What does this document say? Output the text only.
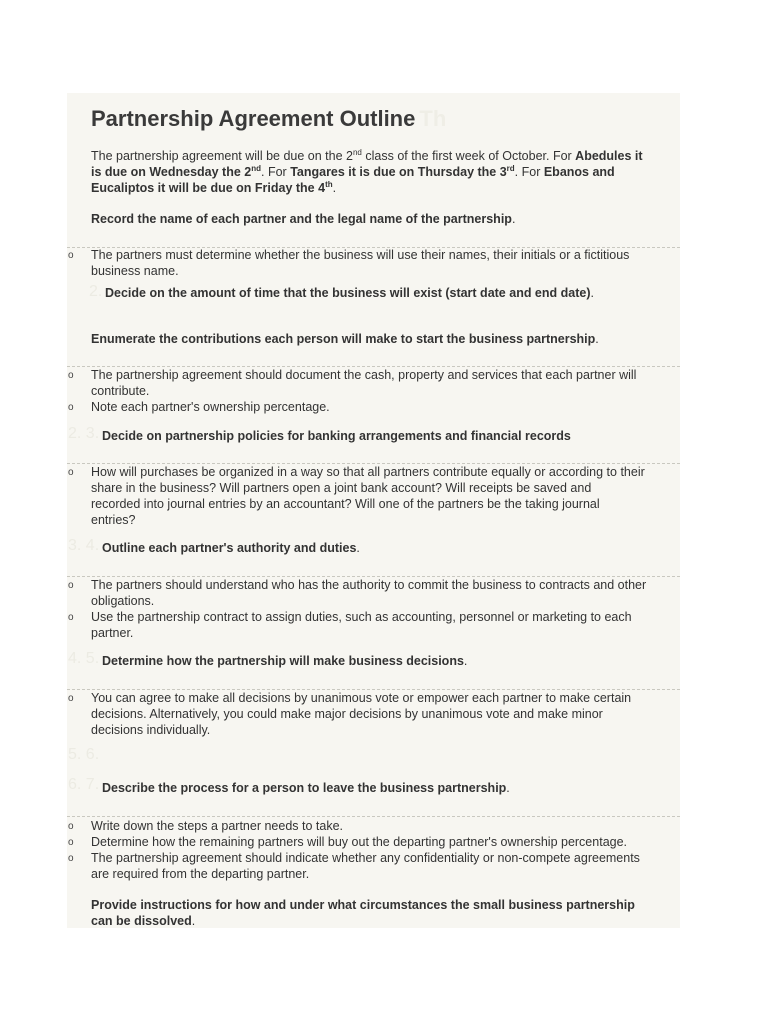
Partnership Agreement Outline Th
The partnership agreement will be due on the 2nd class of the first week of October. For Abedules it
is due on Wednesday the 2nd. For Tangares it is due on Thursday the 3rd. For Ebanos and
Eucaliptos it will be due on Friday the 4th.
Record the name of each partner and the legal name of the partnership.
o The partners must determine whether the business will use their names, their initials or a fictitious
business name.
2. Decide on the amount of time that the business will exist (start date and end date).
Enumerate the contributions each person will make to start the business partnership.
o The partnership agreement should document the cash, property and services that each partner will
contribute.
o Note each partner's ownership percentage.
2. 3. Decide on partnership policies for banking arrangements and financial records
o How will purchases be organized in a way so that all partners contribute equally or according to their
share in the business? Will partners open a joint bank account? Will receipts be saved and
recorded into journal entries by an accountant? Will one of the partners be the taking journal
entries?
3. 4. Outline each partner's authority and duties.
o The partners should understand who has the authority to commit the business to contracts and other
obligations.
o Use the partnership contract to assign duties, such as accounting, personnel or marketing to each
partner.
4. 5. Determine how the partnership will make business decisions.
o You can agree to make all decisions by unanimous vote or empower each partner to make certain
decisions. Alternatively, you could make major decisions by unanimous vote and make minor
decisions individually.
5. 6.
6. 7. Describe the process for a person to leave the business partnership.
o Write down the steps a partner needs to take.
o Determine how the remaining partners will buy out the departing partner's ownership percentage.
o The partnership agreement should indicate whether any confidentiality or non-compete agreements
are required from the departing partner.
Provide instructions for how and under what circumstances the small business partnership
can be dissolved.
